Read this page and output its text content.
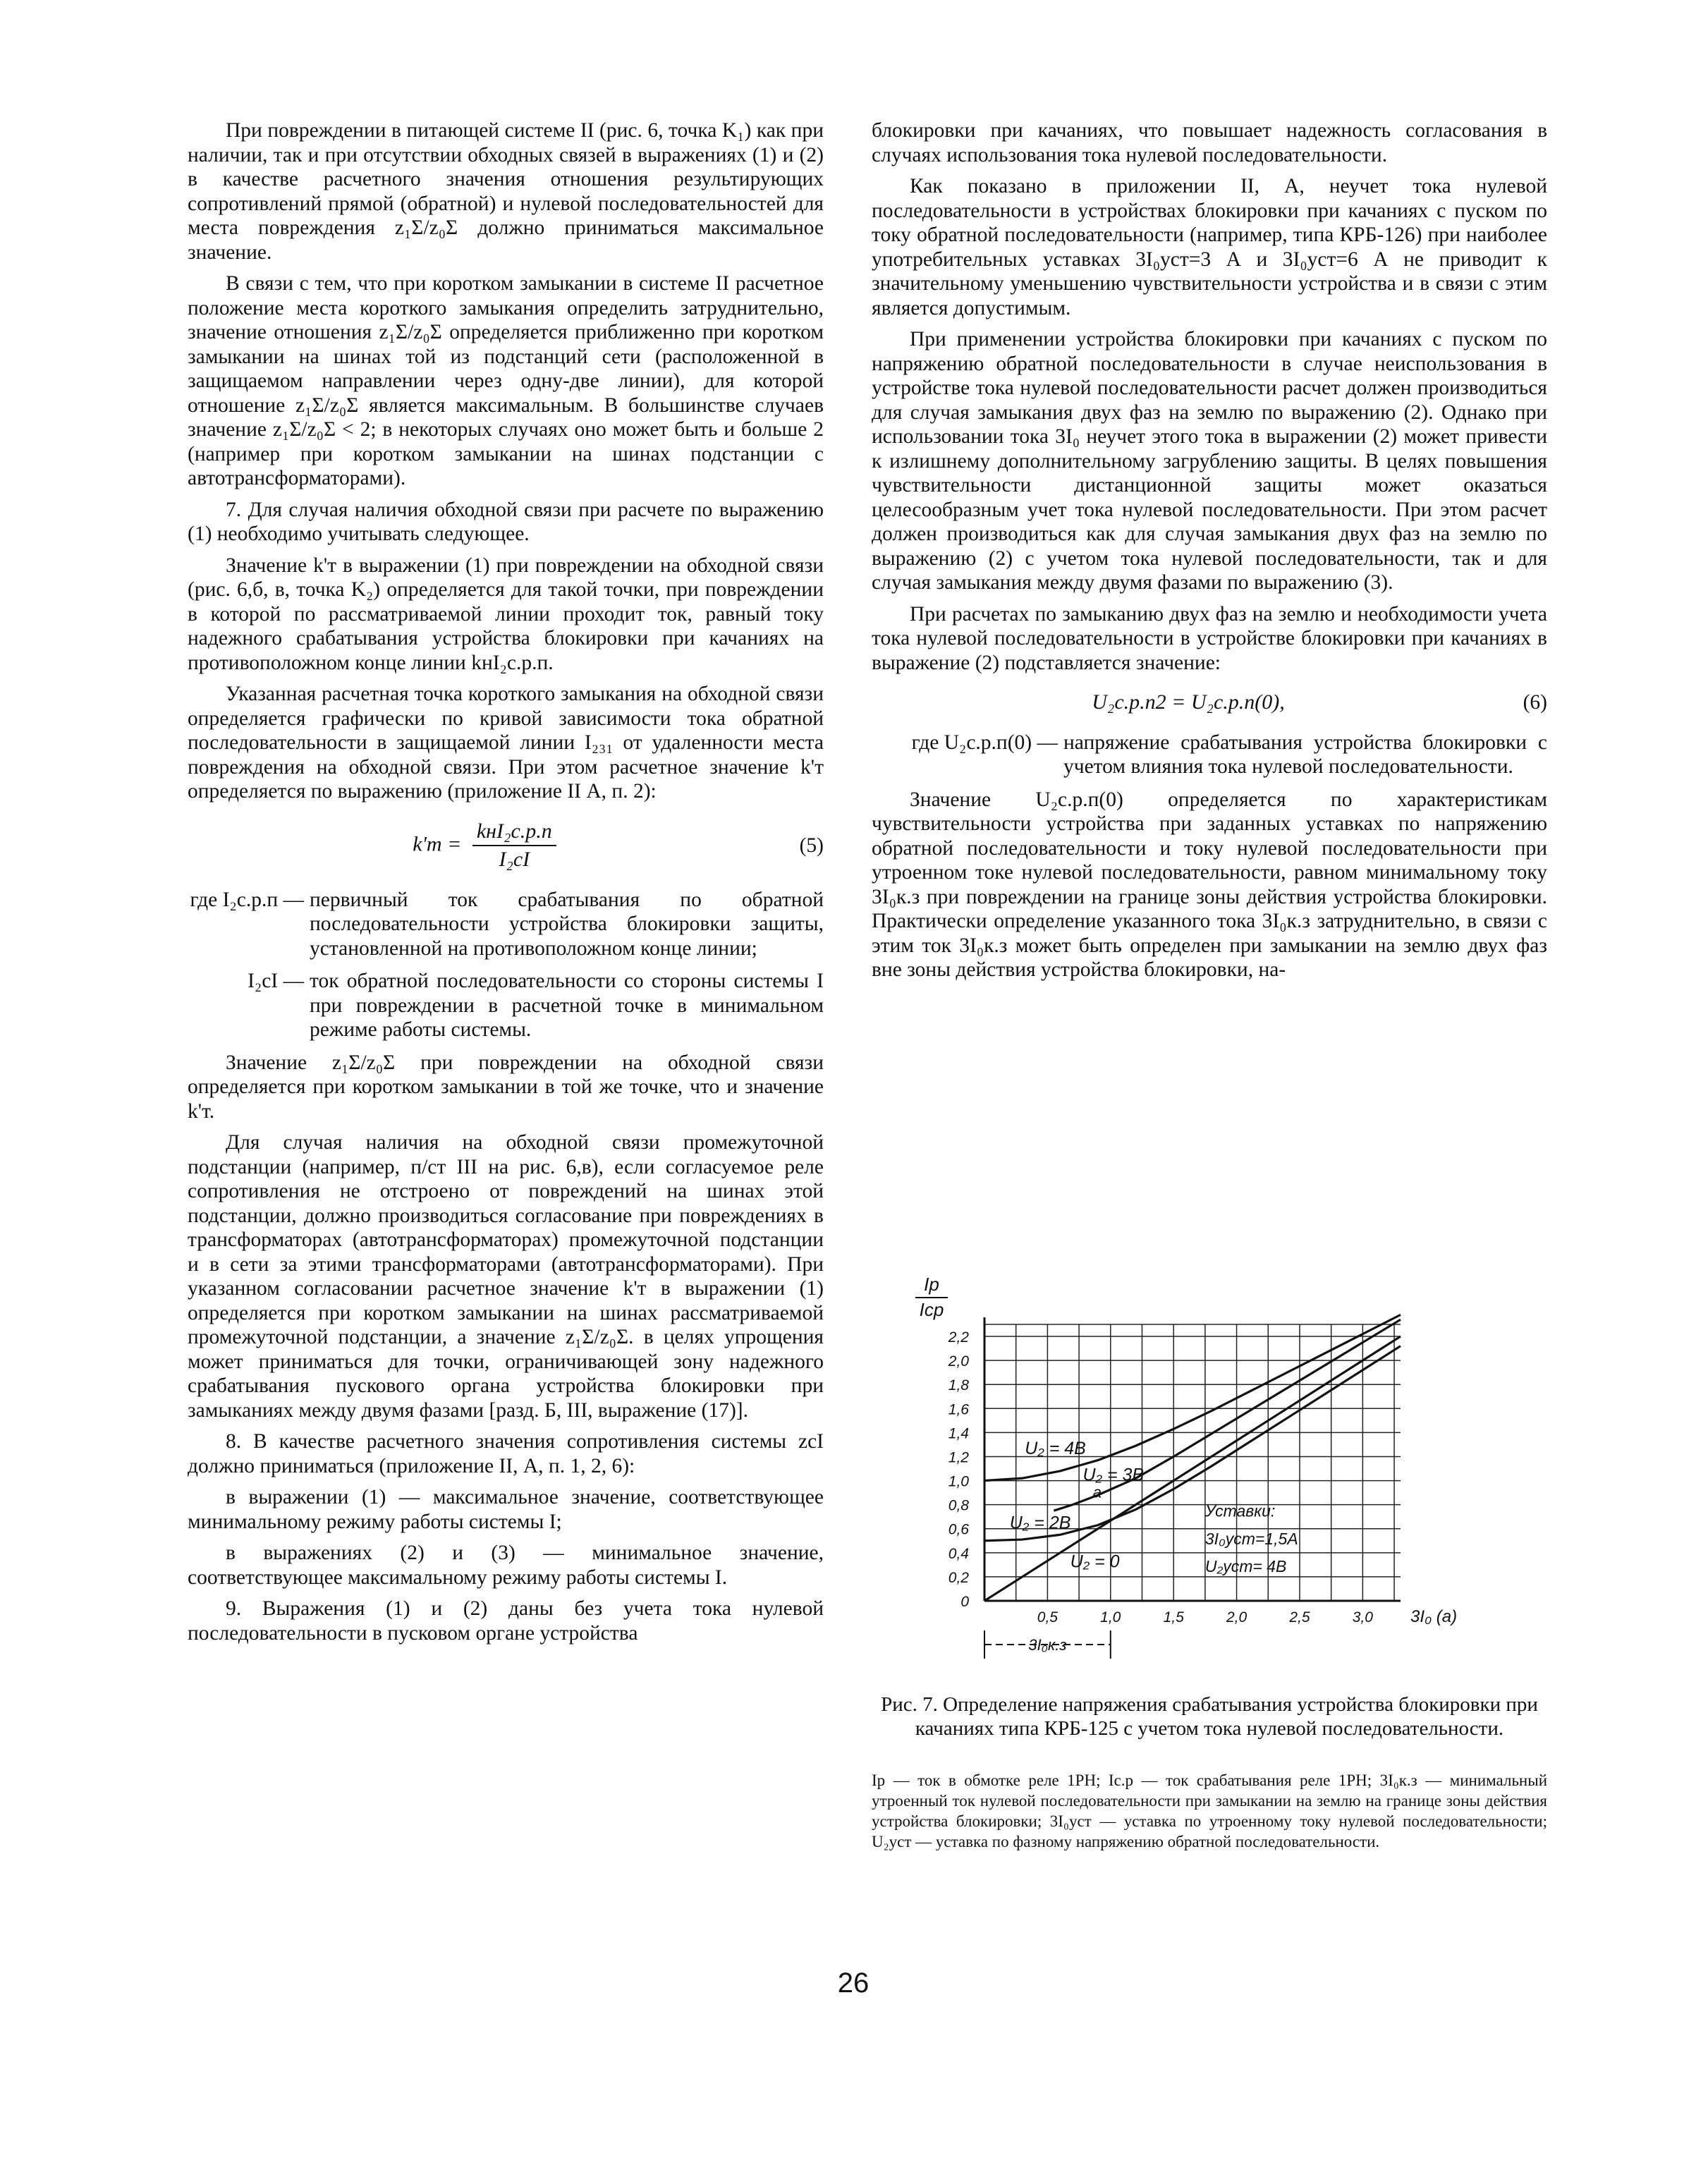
При повреждении в питающей системе II (рис. 6, точка K₁) как при наличии, так и при отсутствии обходных связей в выражениях (1) и (2) в качестве расчетного значения отношения результирующих сопротивлений прямой (обратной) и нулевой последовательностей для места повреждения z₁Σ/z₀Σ должно приниматься максимальное значение.

В связи с тем, что при коротком замыкании в системе II расчетное положение места короткого замыкания определить затруднительно, значение отношения z₁Σ/z₀Σ определяется приближенно при коротком замыкании на шинах той из подстанций сети (расположенной в защищаемом направлении через одну-две линии), для которой отношение z₁Σ/z₀Σ является максимальным. В большинстве случаев значение z₁Σ/z₀Σ < 2; в некоторых случаях оно может быть и больше 2 (например при коротком замыкании на шинах подстанции с автотрансформаторами).

7. Для случая наличия обходной связи при расчете по выражению (1) необходимо учитывать следующее.

Значение k'т в выражении (1) при повреждении на обходной связи (рис. 6,б, в, точка K₂) определяется для такой точки, при повреждении в которой по рассматриваемой линии проходит ток, равный току надежного срабатывания устройства блокировки при качаниях на противоположном конце линии kнI₂с.р.п.

Указанная расчетная точка короткого замыкания на обходной связи определяется графически по кривой зависимости тока обратной последовательности в защищаемой линии I₂₃₁ от удаленности места повреждения на обходной связи. При этом расчетное значение k'т определяется по выражению (приложение II А, п. 2):

$k'т = \frac{\text{kнI₂с.р.п}}{\text{I₂cI}}$	(5)
где I₂с.р.п — первичный ток срабатывания по обратной последовательности устройства блокировки защиты, установленной на противоположном конце линии;
I₂cI — ток обратной последовательности со стороны системы I при повреждении в расчетной точке в минимальном режиме работы системы.

Значение z₁Σ/z₀Σ при повреждении на обходной связи определяется при коротком замыкании в той же точке, что и значение k'т.

Для случая наличия на обходной связи промежуточной подстанции (например, п/ст III на рис. 6,в), если согласуемое реле сопротивления не отстроено от повреждений на шинах этой подстанции, должно производиться согласование при повреждениях в трансформаторах (автотрансформаторах) промежуточной подстанции и в сети за этими трансформаторами (автотрансформаторами). При указанном согласовании расчетное значение k'т в выражении (1) определяется при коротком замыкании на шинах рассматриваемой промежуточной подстанции, а значение z₁Σ/z₀Σ. в целях упрощения может приниматься для точки, ограничивающей зону надежного срабатывания пускового органа устройства блокировки при замыканиях между двумя фазами [разд. Б, III, выражение (17)].

8. В качестве расчетного значения сопротивления системы zcI должно приниматься (приложение II, А, п. 1, 2, 6):

в выражении (1) — максимальное значение, соответствующее минимальному режиму работы системы I;

в выражениях (2) и (3) — минимальное значение, соответствующее максимальному режиму работы системы I.

9. Выражения (1) и (2) даны без учета тока нулевой последовательности в пусковом органе устройства

блокировки при качаниях, что повышает надежность согласования в случаях использования тока нулевой последовательности.

Как показано в приложении II, А, неучет тока нулевой последовательности в устройствах блокировки при качаниях с пуском по току обратной последовательности (например, типа КРБ-126) при наиболее употребительных уставках 3I₀уст=3 А и 3I₀уст=6 А не приводит к значительному уменьшению чувствительности устройства и в связи с этим является допустимым.

При применении устройства блокировки при качаниях с пуском по напряжению обратной последовательности в случае неиспользования в устройстве тока нулевой последовательности расчет должен производиться для случая замыкания двух фаз на землю по выражению (2). Однако при использовании тока 3I₀ неучет этого тока в выражении (2) может привести к излишнему дополнительному загрублению защиты. В целях повышения чувствительности дистанционной защиты может оказаться целесообразным учет тока нулевой последовательности. При этом расчет должен производиться как для случая замыкания двух фаз на землю по выражению (2) с учетом тока нулевой последовательности, так и для случая замыкания между двумя фазами по выражению (3).

При расчетах по замыканию двух фаз на землю и необходимости учета тока нулевой последовательности в устройстве блокировки при качаниях в выражение (2) подставляется значение:

U₂с.р.п2 = U₂с.р.п(0),	(6)
где U₂с.р.п(0) — напряжение срабатывания устройства блокировки с учетом влияния тока нулевой последовательности.

Значение U₂с.р.п(0) определяется по характеристикам чувствительности устройства при заданных уставках по напряжению обратной последовательности и току нулевой последовательности при утроенном токе нулевой последовательности, равном минимальному току 3I₀к.з при повреждении на границе зоны действия устройства блокировки. Практически определение указанного тока 3I₀к.з затруднительно, в связи с этим ток 3I₀к.з может быть определен при замыкании на землю двух фаз вне зоны действия устройства блокировки, на-

0
0,2
0,4
0,6
0,8
1,0
1,2
1,4
1,6
1,8
2,0
2,2
0,5	1,0	1,5	2,0	2,5	3,0 3I₀ (а)
Iр
Iср
U₂ = 4В
U₂ = 3В
U₂ = 2В
U₂ = 0
а
Уставки:
3I₀уст=1,5А
U₂уст= 4В
3I₀к.з
Рис. 7. Определение напряжения срабатывания устройства блокировки при качаниях типа КРБ-125 с учетом тока нулевой последовательности.
Iр — ток в обмотке реле 1РН; Iс.р — ток срабатывания реле 1РН; 3I₀к.з — минимальный утроенный ток нулевой последовательности при замыкании на землю на границе зоны действия устройства блокировки; 3I₀уст — уставка по утроенному току нулевой последовательности; U₂уст — уставка по фазному напряжению обратной последовательности.
26
